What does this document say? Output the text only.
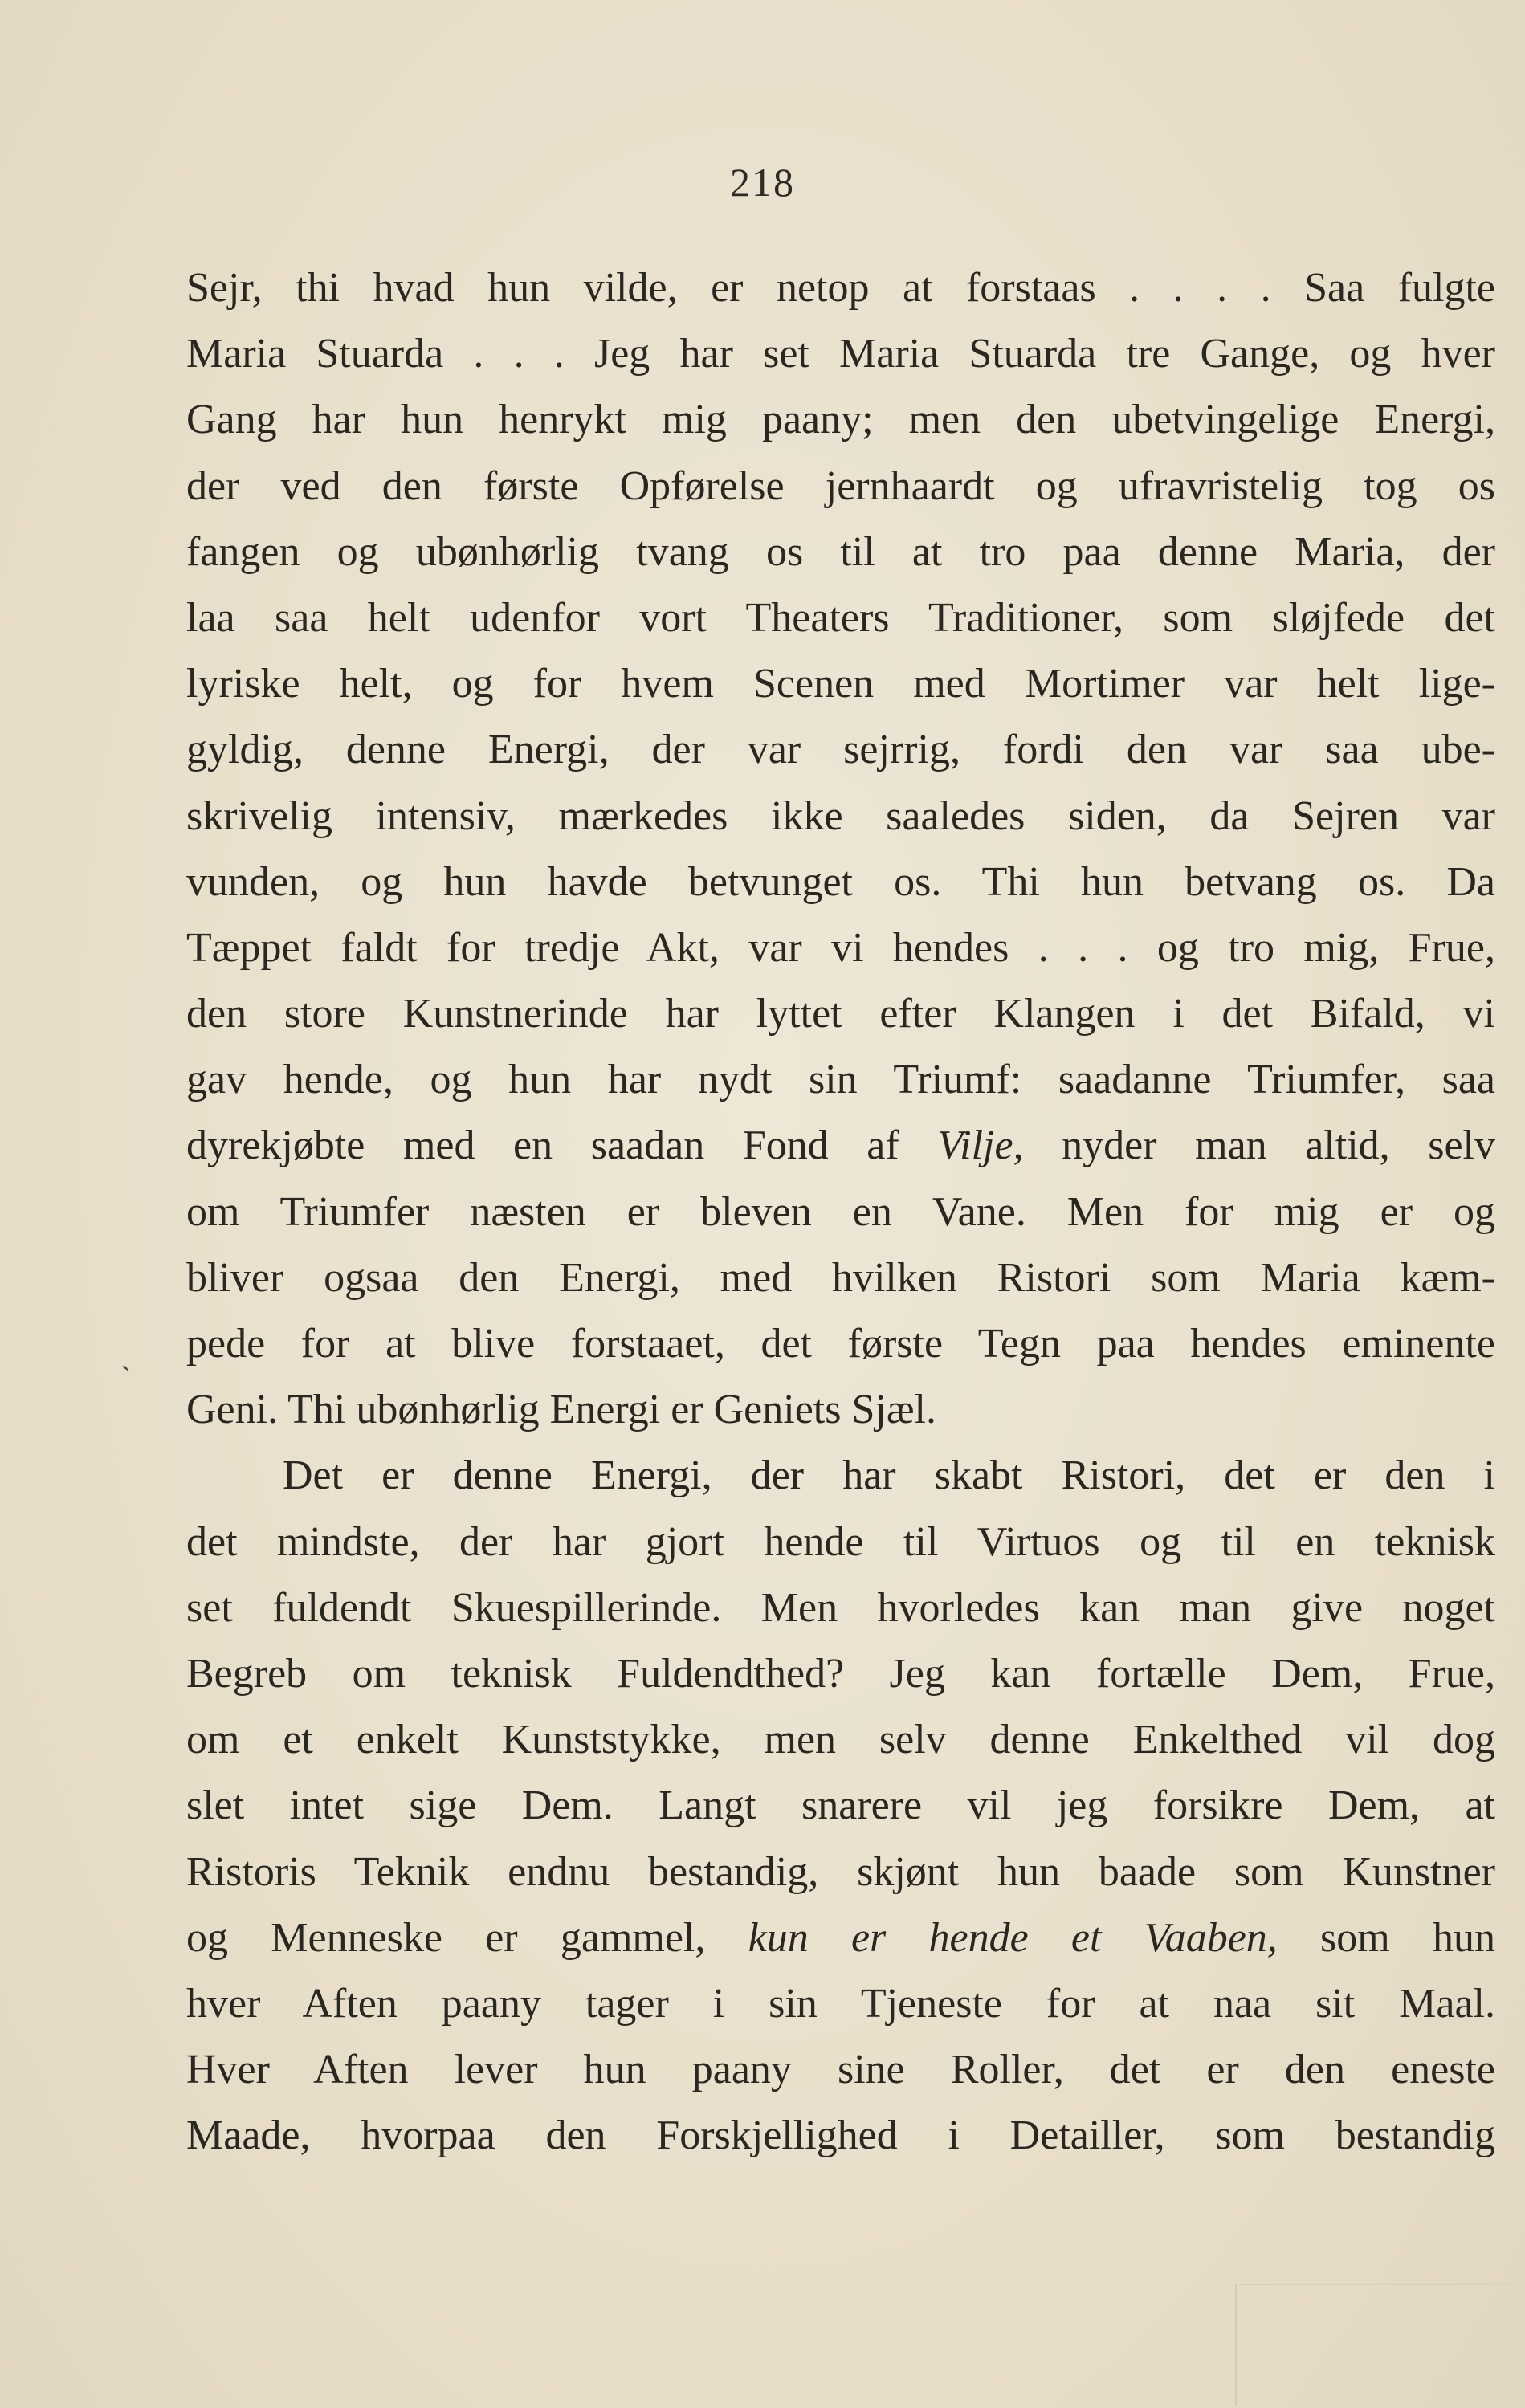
218
ˏ
Sejr, thi hvad hun vilde, er netop at forstaas . . . . Saa fulgte
Maria Stuarda . . . Jeg har set Maria Stuarda tre Gange, og hver
Gang har hun henrykt mig paany; men den ubetvingelige Energi,
der ved den første Opførelse jernhaardt og ufravristelig tog os
fangen og ubønhørlig tvang os til at tro paa denne Maria, der
laa saa helt udenfor vort Theaters Traditioner, som sløjfede det
lyriske helt, og for hvem Scenen med Mortimer var helt lige-
gyldig, denne Energi, der var sejrrig, fordi den var saa ube-
skrivelig intensiv, mærkedes ikke saaledes siden, da Sejren var
vunden, og hun havde betvunget os. Thi hun betvang os. Da
Tæppet faldt for tredje Akt, var vi hendes . . . og tro mig, Frue,
den store Kunstnerinde har lyttet efter Klangen i det Bifald, vi
gav hende, og hun har nydt sin Triumf: saadanne Triumfer, saa
dyrekjøbte med en saadan Fond af Vilje, nyder man altid, selv
om Triumfer næsten er bleven en Vane. Men for mig er og
bliver ogsaa den Energi, med hvilken Ristori som Maria kæm-
pede for at blive forstaaet, det første Tegn paa hendes eminente
Geni. Thi ubønhørlig Energi er Geniets Sjæl.
Det er denne Energi, der har skabt Ristori, det er den i
det mindste, der har gjort hende til Virtuos og til en teknisk
set fuldendt Skuespillerinde. Men hvorledes kan man give noget
Begreb om teknisk Fuldendthed? Jeg kan fortælle Dem, Frue,
om et enkelt Kunststykke, men selv denne Enkelthed vil dog
slet intet sige Dem. Langt snarere vil jeg forsikre Dem, at
Ristoris Teknik endnu bestandig, skjønt hun baade som Kunstner
og Menneske er gammel, kun er hende et Vaaben, som hun
hver Aften paany tager i sin Tjeneste for at naa sit Maal.
Hver Aften lever hun paany sine Roller, det er den eneste
Maade, hvorpaa den Forskjellighed i Detailler, som bestandig
